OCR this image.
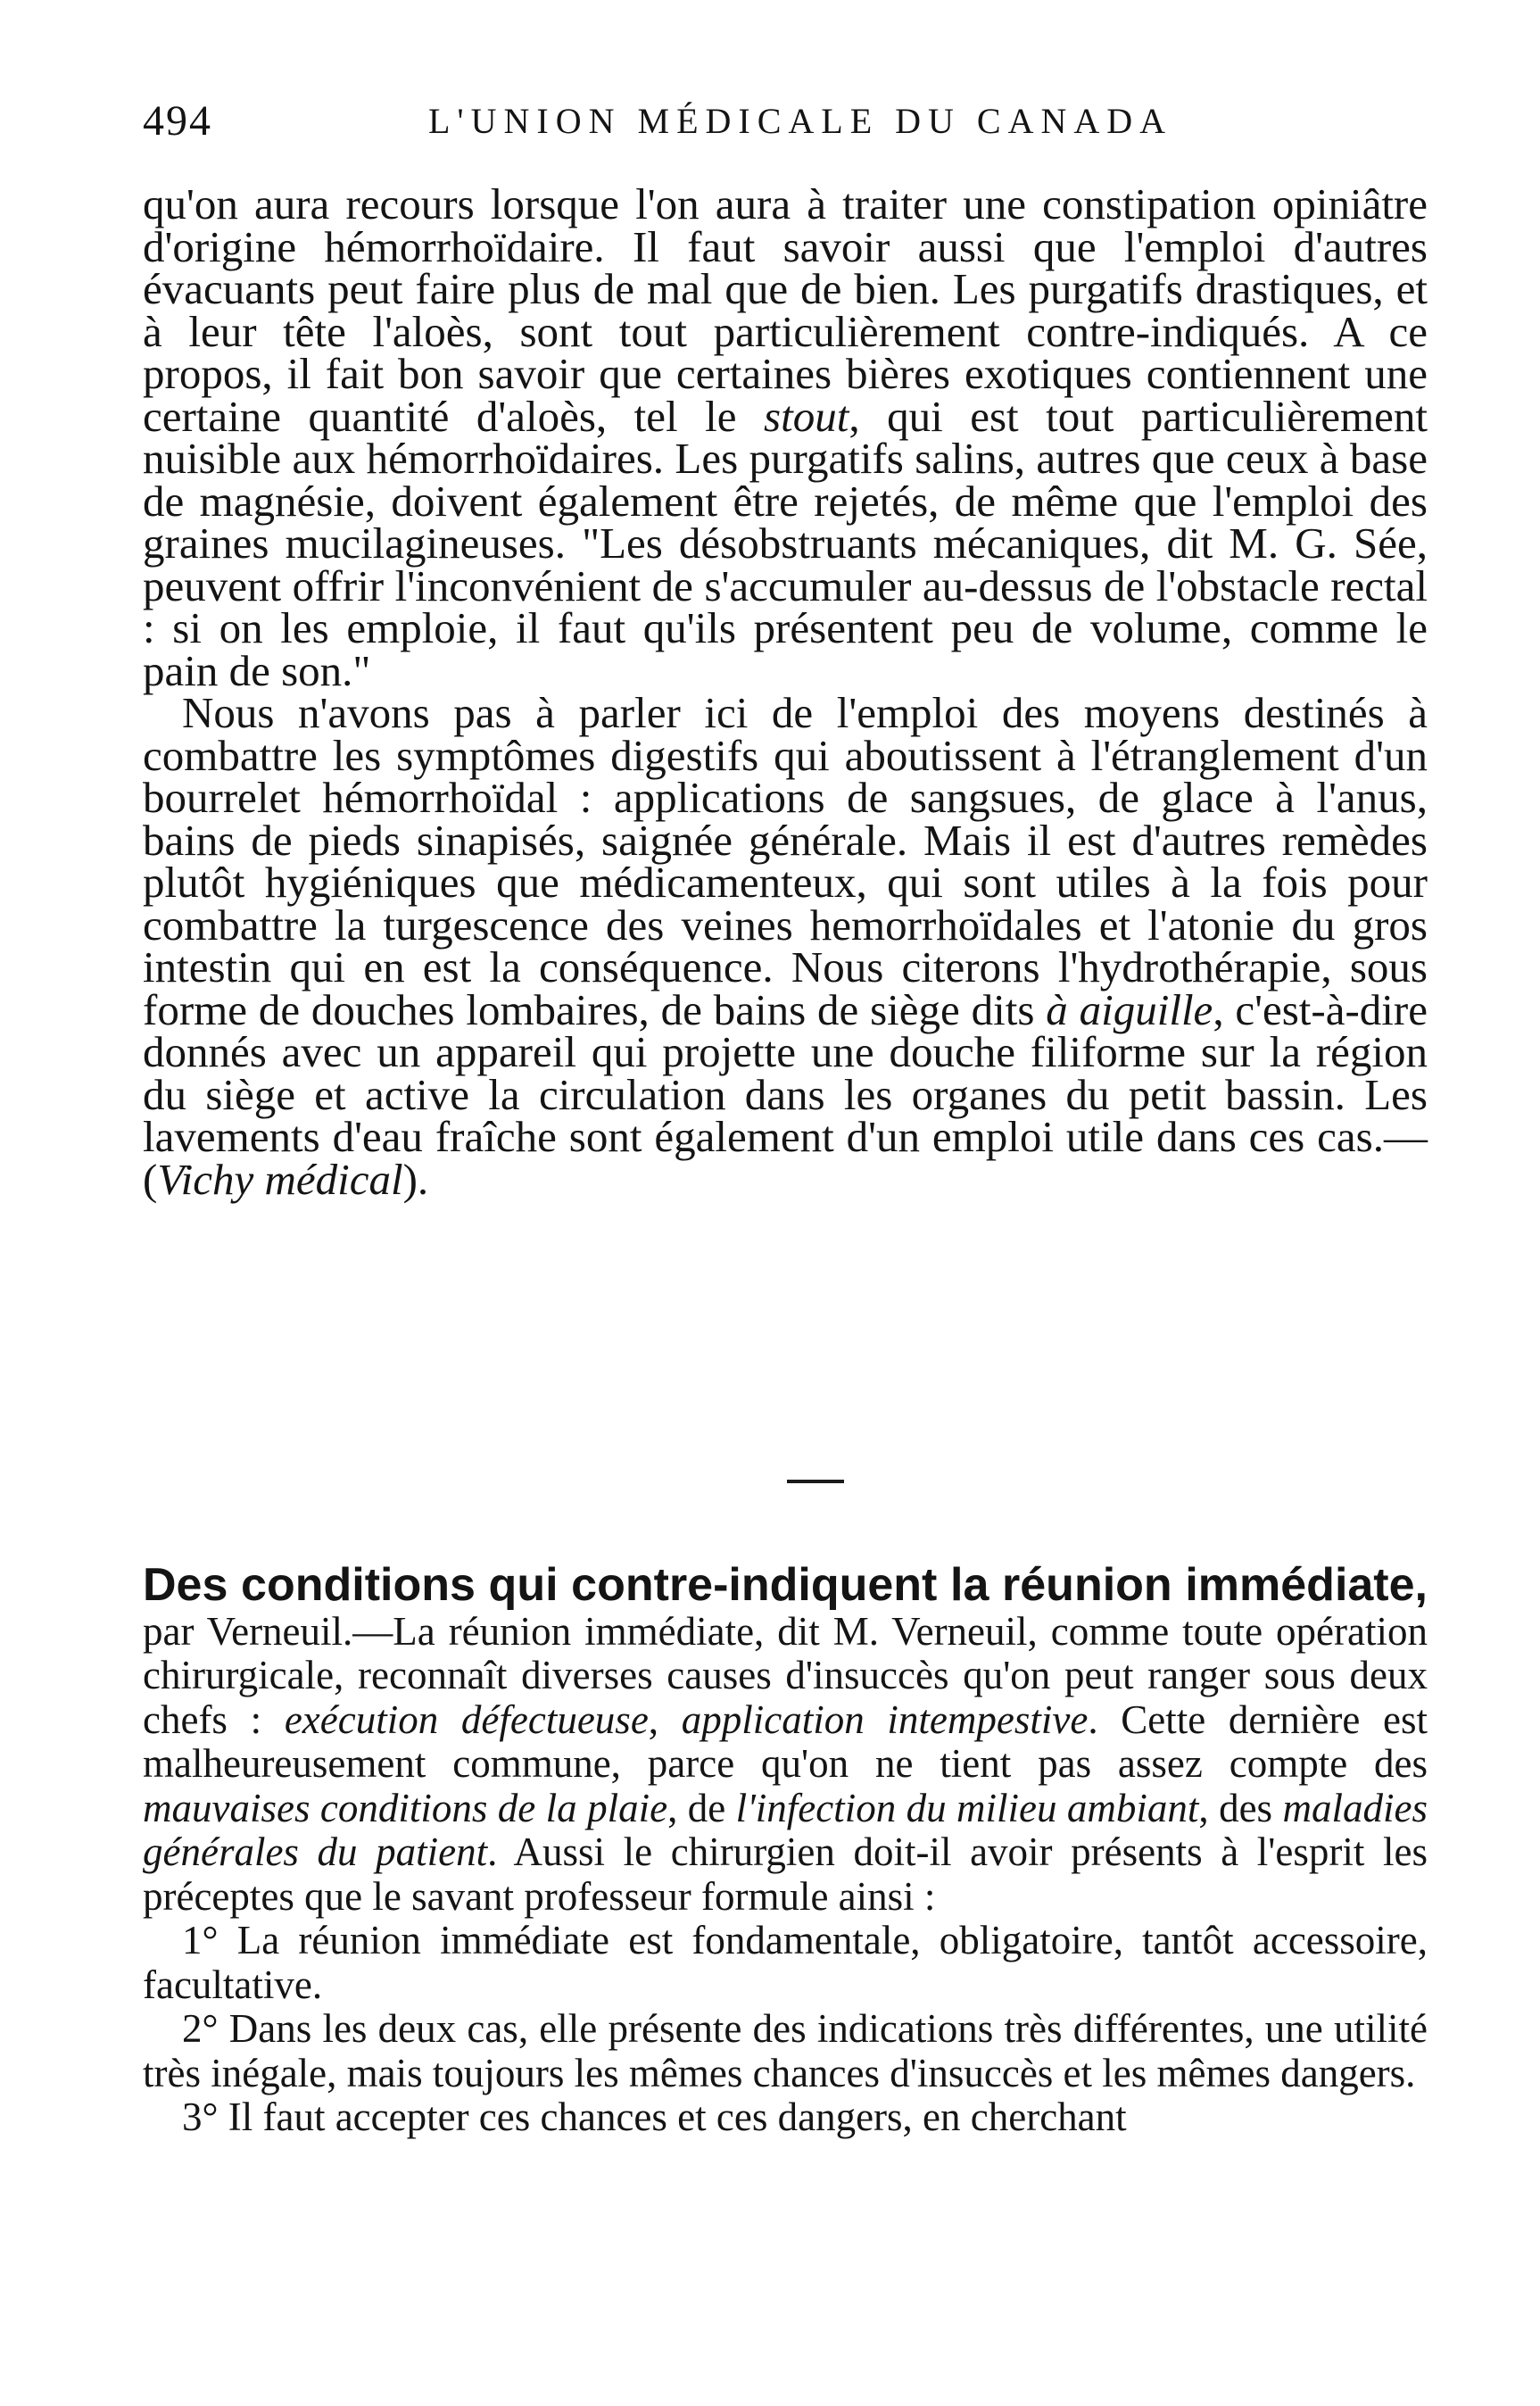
494	L'UNION MÉDICALE DU CANADA

qu'on aura recours lorsque l'on aura à traiter une constipation opiniâtre d'origine hémorrhoïdaire. Il faut savoir aussi que l'emploi d'autres évacuants peut faire plus de mal que de bien. Les purgatifs drastiques, et à leur tête l'aloès, sont tout particulièrement contre-indiqués. A ce propos, il fait bon savoir que certaines bières exotiques contiennent une certaine quantité d'aloès, tel le stout, qui est tout particulièrement nuisible aux hémorrhoïdaires. Les purgatifs salins, autres que ceux à base de magnésie, doivent également être rejetés, de même que l'emploi des graines mucilagineuses. "Les désobstruants mécaniques, dit M. G. Sée, peuvent offrir l'inconvénient de s'accumuler au-dessus de l'obstacle rectal : si on les emploie, il faut qu'ils présentent peu de volume, comme le pain de son."

Nous n'avons pas à parler ici de l'emploi des moyens destinés à combattre les symptômes digestifs qui aboutissent à l'étranglement d'un bourrelet hémorrhoïdal : applications de sangsues, de glace à l'anus, bains de pieds sinapisés, saignée générale. Mais il est d'autres remèdes plutôt hygiéniques que médicamenteux, qui sont utiles à la fois pour combattre la turgescence des veines hemorrhoïdales et l'atonie du gros intestin qui en est la conséquence. Nous citerons l'hydrothérapie, sous forme de douches lombaires, de bains de siège dits à aiguille, c'est-à-dire donnés avec un appareil qui projette une douche filiforme sur la région du siège et active la circulation dans les organes du petit bassin. Les lavements d'eau fraîche sont également d'un emploi utile dans ces cas.— (Vichy médical).

Des conditions qui contre-indiquent la réunion immédiate, par Verneuil.—La réunion immédiate, dit M. Verneuil, comme toute opération chirurgicale, reconnaît diverses causes d'insuccès qu'on peut ranger sous deux chefs : exécution défectueuse, application intempestive. Cette dernière est malheureusement commune, parce qu'on ne tient pas assez compte des mauvaises conditions de la plaie, de l'infection du milieu ambiant, des maladies générales du patient. Aussi le chirurgien doit-il avoir présents à l'esprit les préceptes que le savant professeur formule ainsi :

1° La réunion immédiate est fondamentale, obligatoire, tantôt accessoire, facultative.

2° Dans les deux cas, elle présente des indications très différentes, une utilité très inégale, mais toujours les mêmes chances d'insuccès et les mêmes dangers.

3° Il faut accepter ces chances et ces dangers, en cherchant
